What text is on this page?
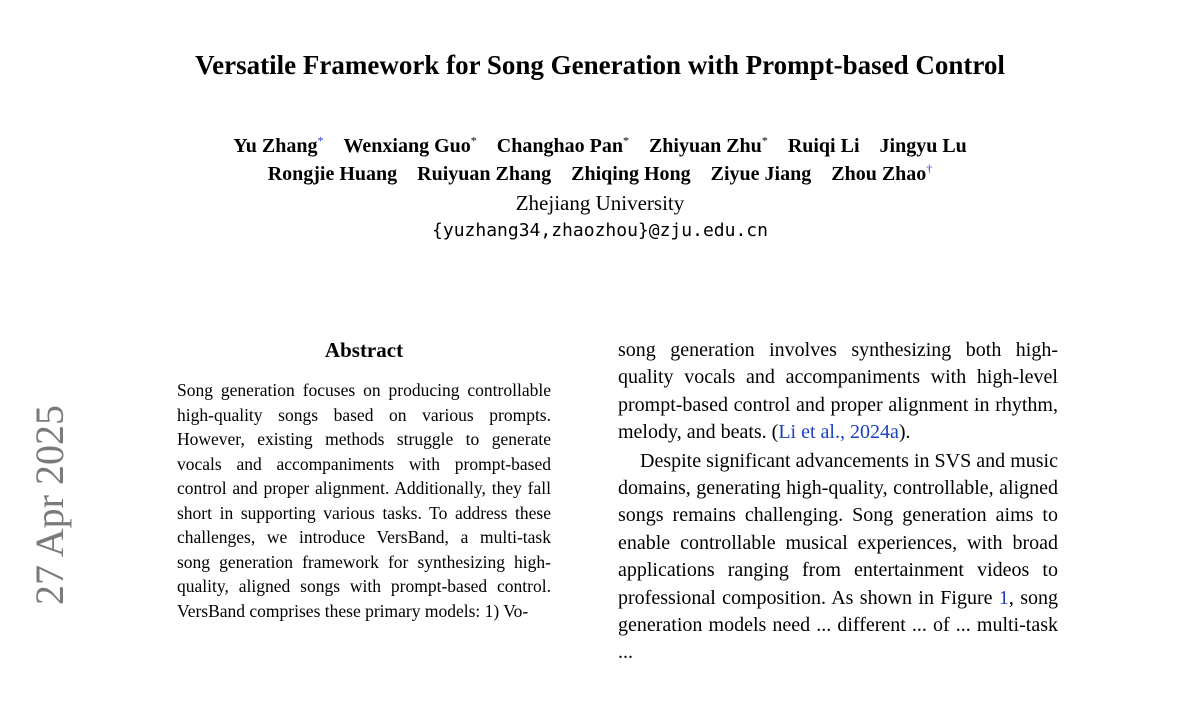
Versatile Framework for Song Generation with Prompt-based Control
Yu Zhang* Wenxiang Guo* Changhao Pan* Zhiyuan Zhu* Ruiqi Li Jingyu Lu
Rongjie Huang Ruiyuan Zhang Zhiqing Hong Ziyue Jiang Zhou Zhao†
Zhejiang University
{yuzhang34,zhaozhou}@zju.edu.cn
Abstract

Song generation focuses on producing controllable high-quality songs based on various prompts. However, existing methods struggle to generate vocals and accompaniments with prompt-based control and proper alignment. Additionally, they fall short in supporting various tasks. To address these challenges, we introduce VersBand, a multi-task song generation framework for synthesizing high-quality, aligned songs with prompt-based control. VersBand comprises these primary models: 1) Vo-

song generation involves synthesizing both high-quality vocals and accompaniments with high-level prompt-based control and proper alignment in rhythm, melody, and beats. (Li et al., 2024a).

Despite significant advancements in SVS and music domains, generating high-quality, controllable, aligned songs remains challenging. Song generation aims to enable controllable musical experiences, with broad applications ranging from entertainment videos to professional composition. As shown in Figure 1, song generation models need ... different ... of ... multi-task ...

27 Apr 2025
